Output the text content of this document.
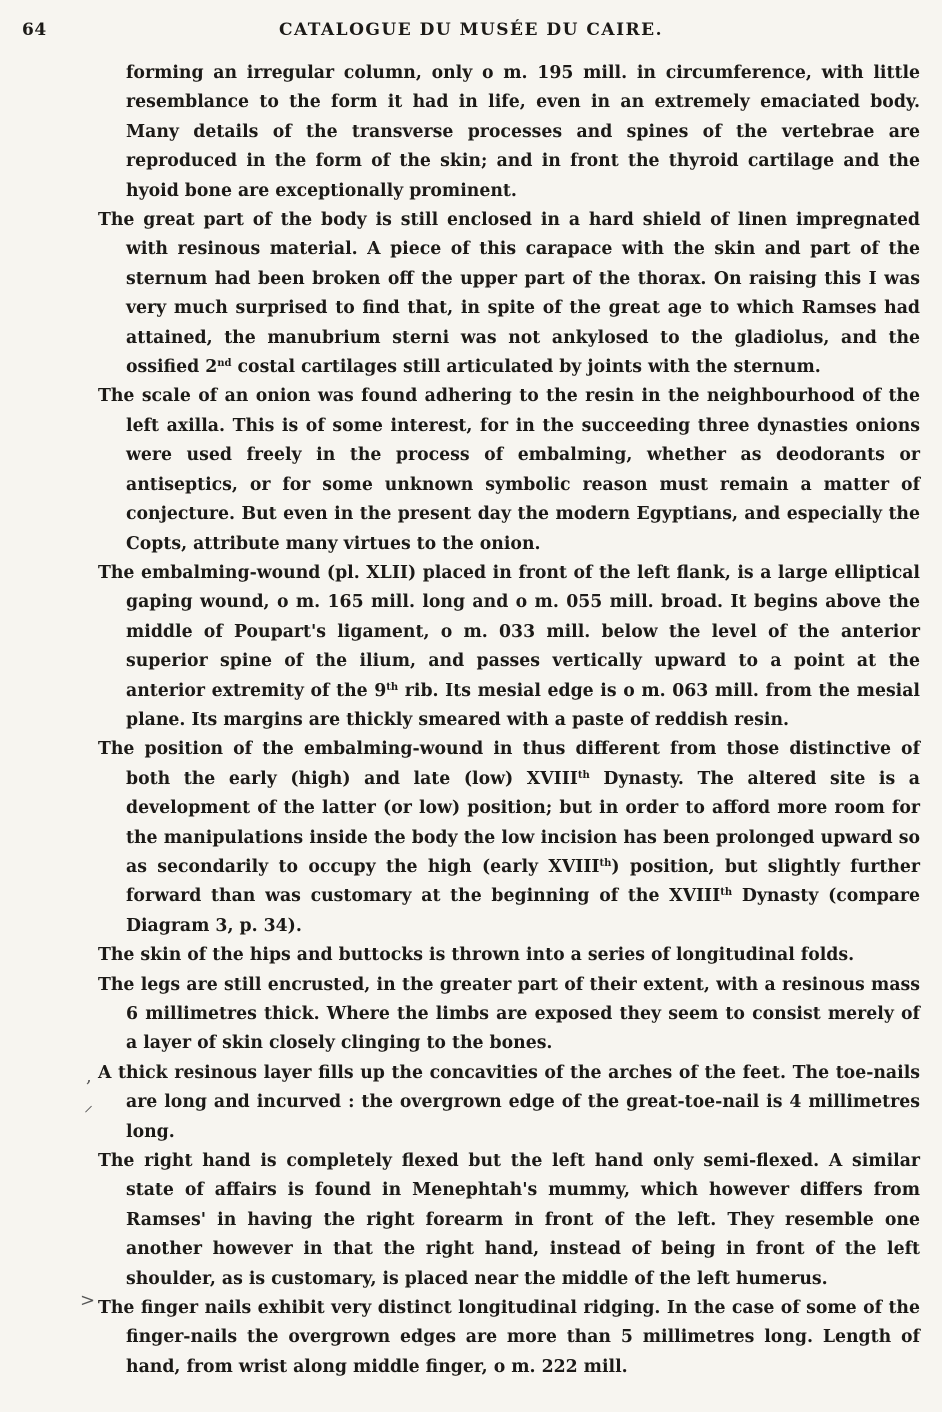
64	CATALOGUE DU MUSÉE DU CAIRE.
,
⸝
>

forming an irregular column, only o m. 195 mill. in circumference, with little resemblance to the form it had in life, even in an extremely emaciated body. Many details of the transverse processes and spines of the vertebrae are reproduced in the form of the skin; and in front the thyroid cartilage and the hyoid bone are exceptionally prominent.

The great part of the body is still enclosed in a hard shield of linen impregnated with resinous material. A piece of this carapace with the skin and part of the sternum had been broken off the upper part of the thorax. On raising this I was very much surprised to find that, in spite of the great age to which Ramses had attained, the manubrium sterni was not ankylosed to the gladiolus, and the ossified 2nd costal cartilages still articulated by joints with the sternum.

The scale of an onion was found adhering to the resin in the neighbourhood of the left axilla. This is of some interest, for in the succeeding three dynasties onions were used freely in the process of embalming, whether as deodorants or antiseptics, or for some unknown symbolic reason must remain a matter of conjecture. But even in the present day the modern Egyptians, and especially the Copts, attribute many virtues to the onion.

The embalming-wound (pl. XLII) placed in front of the left flank, is a large elliptical gaping wound, o m. 165 mill. long and o m. 055 mill. broad. It begins above the middle of Poupart's ligament, o m. 033 mill. below the level of the anterior superior spine of the ilium, and passes vertically upward to a point at the anterior extremity of the 9th rib. Its mesial edge is o m. 063 mill. from the mesial plane. Its margins are thickly smeared with a paste of reddish resin.

The position of the embalming-wound in thus different from those distinctive of both the early (high) and late (low) XVIIIth Dynasty. The altered site is a development of the latter (or low) position; but in order to afford more room for the manipulations inside the body the low incision has been prolonged upward so as secondarily to occupy the high (early XVIIIth) position, but slightly further forward than was customary at the beginning of the XVIIIth Dynasty (compare Diagram 3, p. 34).

The skin of the hips and buttocks is thrown into a series of longitudinal folds.

The legs are still encrusted, in the greater part of their extent, with a resinous mass 6 millimetres thick. Where the limbs are exposed they seem to consist merely of a layer of skin closely clinging to the bones.

A thick resinous layer fills up the concavities of the arches of the feet. The toe-nails are long and incurved : the overgrown edge of the great-toe-nail is 4 millimetres long.

The right hand is completely flexed but the left hand only semi-flexed. A similar state of affairs is found in Menephtah's mummy, which however differs from Ramses' in having the right forearm in front of the left. They resemble one another however in that the right hand, instead of being in front of the left shoulder, as is customary, is placed near the middle of the left humerus.

The finger nails exhibit very distinct longitudinal ridging. In the case of some of the finger-nails the overgrown edges are more than 5 millimetres long. Length of hand, from wrist along middle finger, o m. 222 mill.
